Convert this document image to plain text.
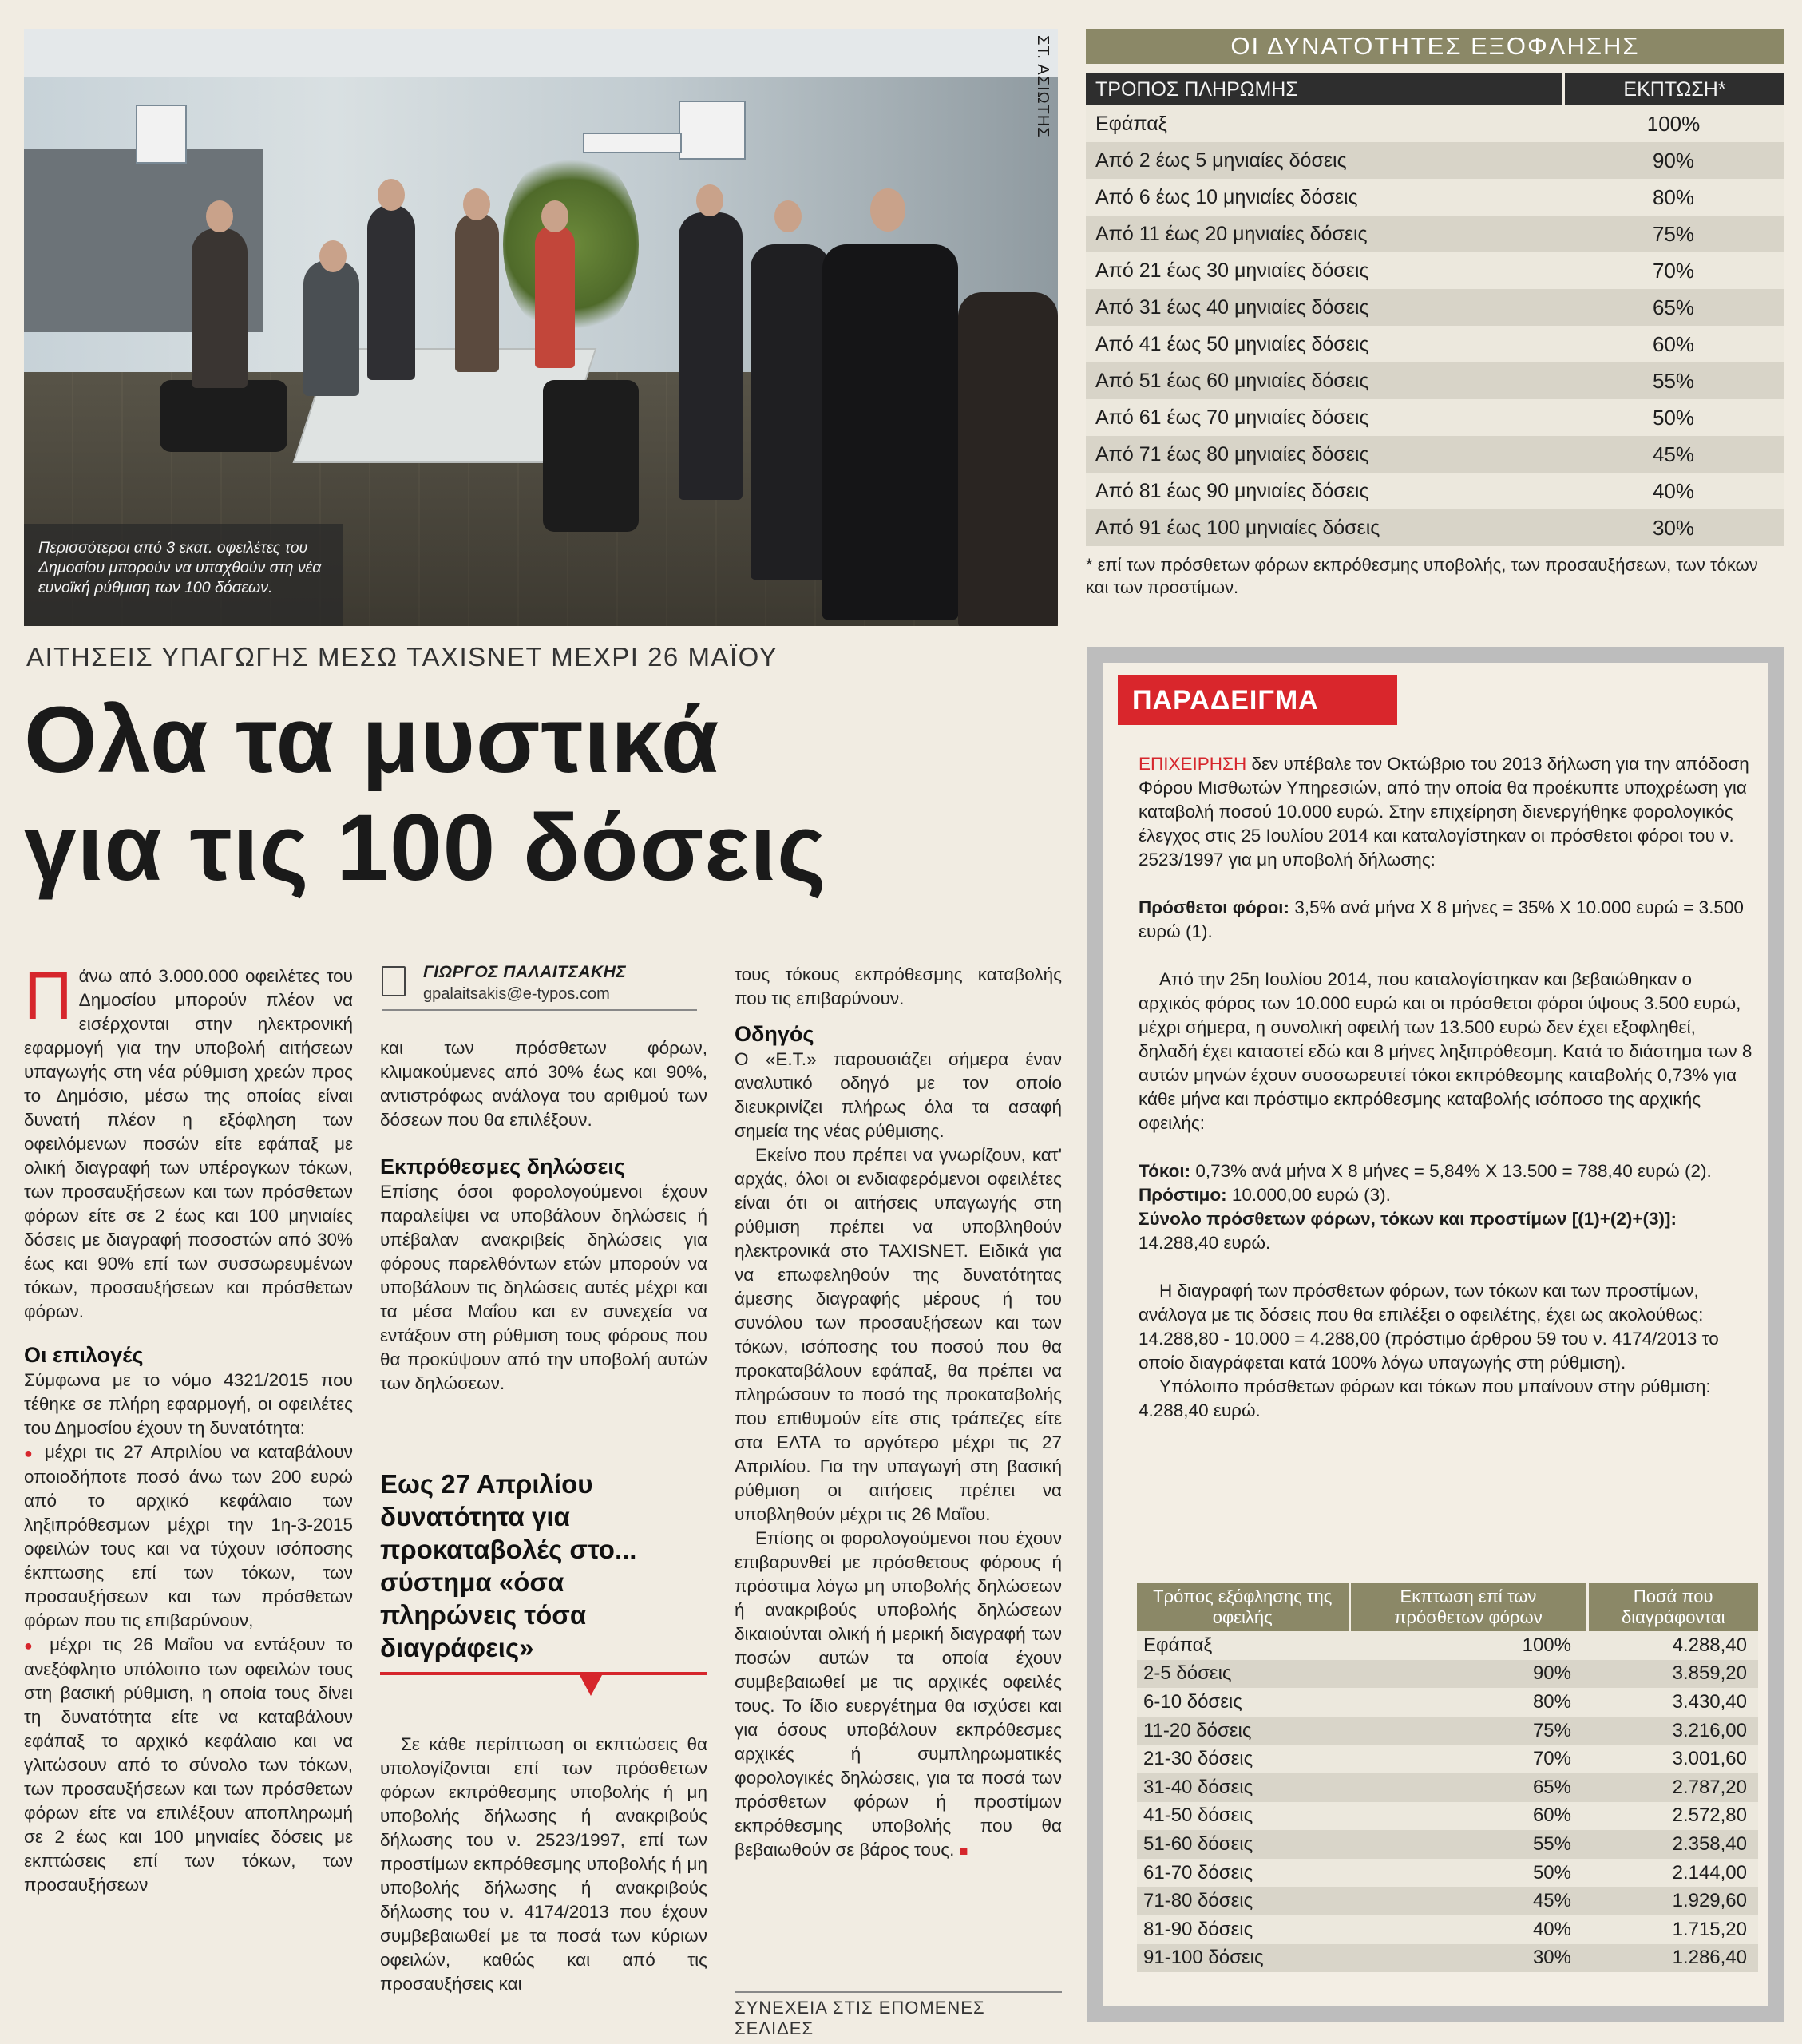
ΣΤ. ΑΣΙΩΤΗΣ
Περισσότεροι από 3 εκατ. οφειλέτες του Δημοσίου μπορούν να υπαχθούν στη νέα ευνοϊκή ρύθμιση των 100 δόσεων.
ΑΙΤΗΣΕΙΣ ΥΠΑΓΩΓΗΣ ΜΕΣΩ TAXISNET ΜΕΧΡΙ 26 ΜΑΪΟΥ
Ολα τα μυστικά
για τις 100 δόσεις

Πάνω από 3.000.000 οφειλέτες του Δημοσίου μπορούν πλέον να εισέρχονται στην ηλεκτρονική εφαρμογή για την υποβολή αιτήσεων υπαγωγής στη νέα ρύθμιση χρεών προς το Δημόσιο, μέσω της οποίας είναι δυνατή πλέον η εξόφληση των οφειλόμενων ποσών είτε εφάπαξ με ολική διαγραφή των υπέρογκων τόκων, των προσαυξήσεων και των πρόσθετων φόρων είτε σε 2 έως και 100 μηνιαίες δόσεις με διαγραφή ποσοστών από 30% έως και 90% επί των συσσωρευμένων τόκων, προσαυξήσεων και πρόσθετων φόρων.

Οι επιλογές

Σύμφωνα με το νόμο 4321/2015 που τέθηκε σε πλήρη εφαρμογή, οι οφειλέτες του Δημοσίου έχουν τη δυνατότητα:

● μέχρι τις 27 Απριλίου να καταβάλουν οποιοδήποτε ποσό άνω των 200 ευρώ από το αρχικό κεφάλαιο των ληξιπρόθεσμων μέχρι την 1η-3-2015 οφειλών τους και να τύχουν ισόποσης έκπτωσης επί των τόκων, των προσαυξήσεων και των πρόσθετων φόρων που τις επιβαρύνουν,

● μέχρι τις 26 Μαΐου να εντάξουν το ανεξόφλητο υπόλοιπο των οφειλών τους στη βασική ρύθμιση, η οποία τους δίνει τη δυνατότητα είτε να καταβάλουν εφάπαξ το αρχικό κεφάλαιο και να γλιτώσουν από το σύνολο των τόκων, των προσαυξήσεων και των πρόσθετων φόρων είτε να επιλέξουν αποπληρωμή σε 2 έως και 100 μηνιαίες δόσεις με εκπτώσεις επί των τόκων, των προσαυξήσεων

ΓΙΩΡΓΟΣ ΠΑΛΑΙΤΣΑΚΗΣ
gpalaitsakis@e-typos.com

και των πρόσθετων φόρων, κλιμακούμενες από 30% έως και 90%, αντιστρόφως ανάλογα του αριθμού των δόσεων που θα επιλέξουν.

Εκπρόθεσμες δηλώσεις

Επίσης όσοι φορολογούμενοι έχουν παραλείψει να υποβάλουν δηλώσεις ή υπέβαλαν ανακριβείς δηλώσεις για φόρους παρελθόντων ετών μπορούν να υποβάλουν τις δηλώσεις αυτές μέχρι και τα μέσα Μαΐου και εν συνεχεία να εντάξουν στη ρύθμιση τους φόρους που θα προκύψουν από την υποβολή αυτών των δηλώσεων.

Εως 27 Απριλίου δυνατότητα για προκαταβολές στο... σύστημα «όσα πληρώνεις τόσα διαγράφεις»

Σε κάθε περίπτωση οι εκπτώσεις θα υπολογίζονται επί των πρόσθετων φόρων εκπρόθεσμης υποβολής ή μη υποβολής δήλωσης ή ανακριβούς δήλωσης του ν. 2523/1997, επί των προστίμων εκπρόθεσμης υποβολής ή μη υποβολής δήλωσης ή ανακριβούς δήλωσης του ν. 4174/2013 που έχουν συμβεβαιωθεί με τα ποσά των κύριων οφειλών, καθώς και από τις προσαυξήσεις και

τους τόκους εκπρόθεσμης καταβολής που τις επιβαρύνουν.

Οδηγός

Ο «Ε.Τ.» παρουσιάζει σήμερα έναν αναλυτικό οδηγό με τον οποίο διευκρινίζει πλήρως όλα τα ασαφή σημεία της νέας ρύθμισης.

Εκείνο που πρέπει να γνωρίζουν, κατ' αρχάς, όλοι οι ενδιαφερόμενοι οφειλέτες είναι ότι οι αιτήσεις υπαγωγής στη ρύθμιση πρέπει να υποβληθούν ηλεκτρονικά στο TAXISNET. Ειδικά για να επωφεληθούν της δυνατότητας άμεσης διαγραφής μέρους ή του συνόλου των προσαυξήσεων και των τόκων, ισόποσης του ποσού που θα προκαταβάλουν εφάπαξ, θα πρέπει να πληρώσουν το ποσό της προκαταβολής που επιθυμούν είτε στις τράπεζες είτε στα ΕΛΤΑ το αργότερο μέχρι τις 27 Απριλίου. Για την υπαγωγή στη βασική ρύθμιση οι αιτήσεις πρέπει να υποβληθούν μέχρι τις 26 Μαΐου.

Επίσης οι φορολογούμενοι που έχουν επιβαρυνθεί με πρόσθετους φόρους ή πρόστιμα λόγω μη υποβολής δηλώσεων ή ανακριβούς υποβολής δηλώσεων δικαιούνται ολική ή μερική διαγραφή των ποσών αυτών τα οποία έχουν συμβεβαιωθεί με τις αρχικές οφειλές τους. Το ίδιο ευεργέτημα θα ισχύσει και για όσους υποβάλουν εκπρόθεσμες αρχικές ή συμπληρωματικές φορολογικές δηλώσεις, για τα ποσά των πρόσθετων φόρων ή προστίμων εκπρόθεσμης υποβολής που θα βεβαιωθούν σε βάρος τους. ■

ΣΥΝΕΧΕΙΑ ΣΤΙΣ ΕΠΟΜΕΝΕΣ ΣΕΛΙΔΕΣ
ΟΙ ΔΥΝΑΤΟΤΗΤΕΣ ΕΞΟΦΛΗΣΗΣ
ΤΡΟΠΟΣ ΠΛΗΡΩΜΗΣ	ΕΚΠΤΩΣΗ*
Εφάπαξ	100%
Από 2 έως 5 μηνιαίες δόσεις	90%
Από 6 έως 10 μηνιαίες δόσεις	80%
Από 11 έως 20 μηνιαίες δόσεις	75%
Από 21 έως 30 μηνιαίες δόσεις	70%
Από 31 έως 40 μηνιαίες δόσεις	65%
Από 41 έως 50 μηνιαίες δόσεις	60%
Από 51 έως 60 μηνιαίες δόσεις	55%
Από 61 έως 70 μηνιαίες δόσεις	50%
Από 71 έως 80 μηνιαίες δόσεις	45%
Από 81 έως 90 μηνιαίες δόσεις	40%
Από 91 έως 100 μηνιαίες δόσεις	30%
* επί των πρόσθετων φόρων εκπρόθεσμης υποβολής, των προσαυξήσεων, των τόκων και των προστίμων.
ΠΑΡΑΔΕΙΓΜΑ

ΕΠΙΧΕΙΡΗΣΗ δεν υπέβαλε τον Οκτώβριο του 2013 δήλωση για την απόδοση Φόρου Μισθωτών Υπηρεσιών, από την οποία θα προέκυπτε υποχρέωση για καταβολή ποσού 10.000 ευρώ. Στην επιχείρηση διενεργήθηκε φορολογικός έλεγχος στις 25 Ιουλίου 2014 και καταλογίστηκαν οι πρόσθετοι φόροι του ν. 2523/1997 για μη υποβολή δήλωσης:

Πρόσθετοι φόροι: 3,5% ανά μήνα X 8 μήνες = 35% X 10.000 ευρώ = 3.500 ευρώ (1).

Από την 25η Ιουλίου 2014, που καταλογίστηκαν και βεβαιώθηκαν ο αρχικός φόρος των 10.000 ευρώ και οι πρόσθετοι φόροι ύψους 3.500 ευρώ, μέχρι σήμερα, η συνολική οφειλή των 13.500 ευρώ δεν έχει εξοφληθεί, δηλαδή έχει καταστεί εδώ και 8 μήνες ληξιπρόθεσμη. Κατά το διάστημα των 8 αυτών μηνών έχουν συσσωρευτεί τόκοι εκπρόθεσμης καταβολής 0,73% για κάθε μήνα και πρόστιμο εκπρόθεσμης καταβολής ισόποσο της αρχικής οφειλής:

Τόκοι: 0,73% ανά μήνα X 8 μήνες = 5,84% X 13.500 = 788,40 ευρώ (2).

Πρόστιμο: 10.000,00 ευρώ (3).

Σύνολο πρόσθετων φόρων, τόκων και προστίμων [(1)+(2)+(3)]: 14.288,40 ευρώ.

Η διαγραφή των πρόσθετων φόρων, των τόκων και των προστίμων, ανάλογα με τις δόσεις που θα επιλέξει ο οφειλέτης, έχει ως ακολούθως: 14.288,80 - 10.000 = 4.288,00 (πρόστιμο άρθρου 59 του ν. 4174/2013 το οποίο διαγράφεται κατά 100% λόγω υπαγωγής στη ρύθμιση).

Υπόλοιπο πρόσθετων φόρων και τόκων που μπαίνουν στην ρύθμιση: 4.288,40 ευρώ.

Τρόπος εξόφλησης της οφειλής	Εκπτωση επί των πρόσθετων φόρων	Ποσά που διαγράφονται
Εφάπαξ	100%	4.288,40
2-5 δόσεις	90%	3.859,20
6-10 δόσεις	80%	3.430,40
11-20 δόσεις	75%	3.216,00
21-30 δόσεις	70%	3.001,60
31-40 δόσεις	65%	2.787,20
41-50 δόσεις	60%	2.572,80
51-60 δόσεις	55%	2.358,40
61-70 δόσεις	50%	2.144,00
71-80 δόσεις	45%	1.929,60
81-90 δόσεις	40%	1.715,20
91-100 δόσεις	30%	1.286,40
